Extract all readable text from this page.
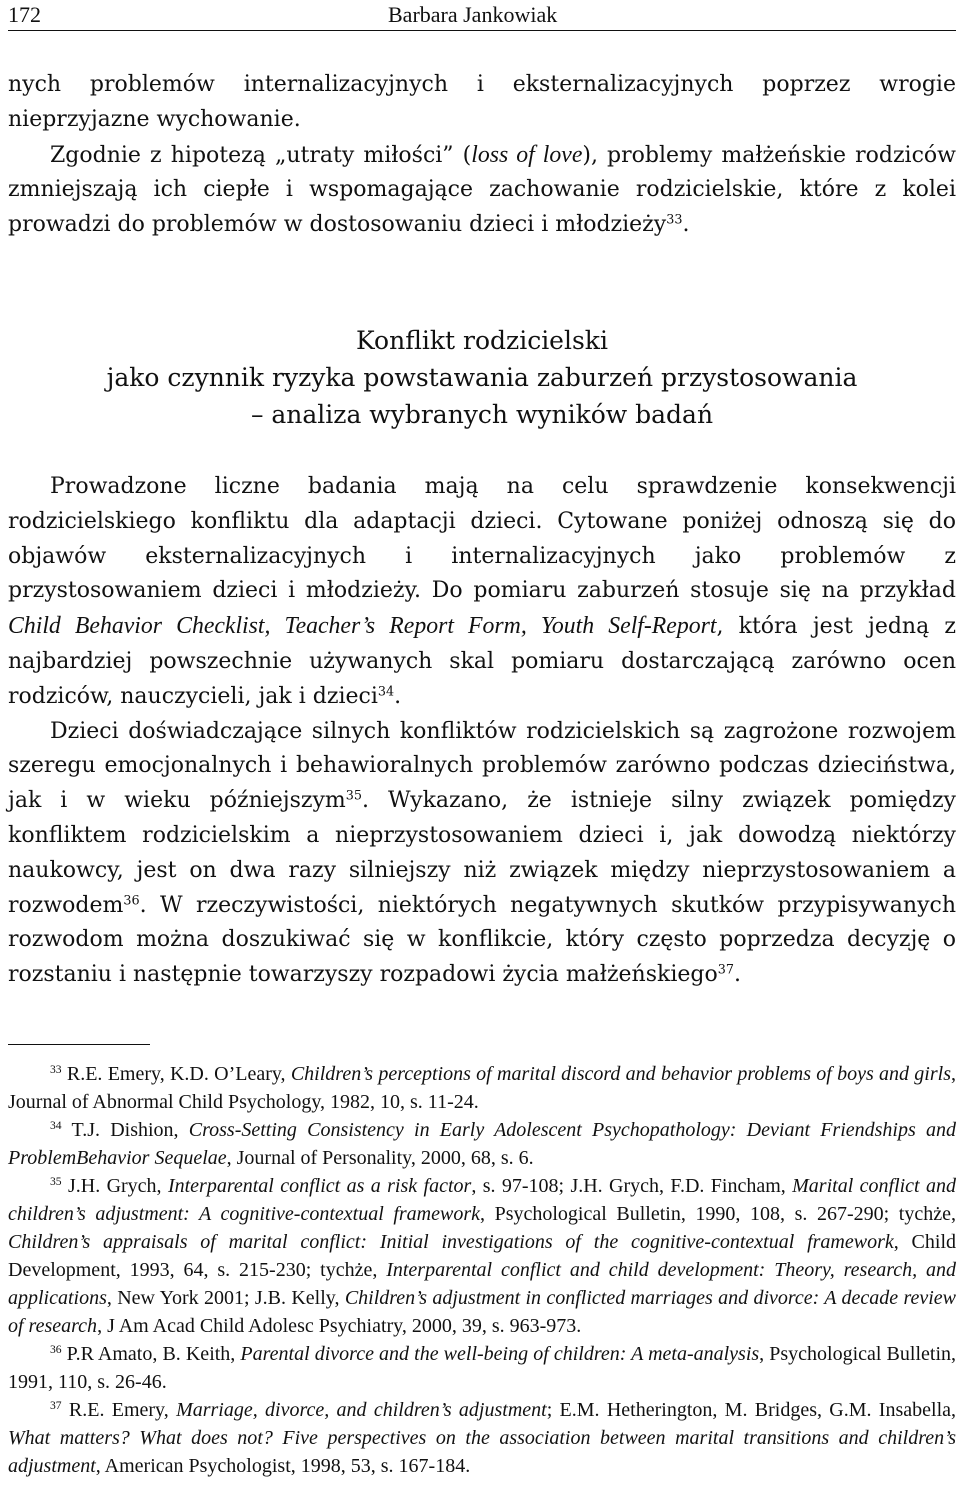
172	Barbara Jankowiak

nych problemów internalizacyjnych i eksternalizacyjnych poprzez wrogie nieprzyjazne wychowanie.

Zgodnie z hipotezą „utraty miłości” (loss of love), problemy małżeńskie rodziców zmniejszają ich ciepłe i wspomagające zachowanie rodzicielskie, które z kolei prowadzi do problemów w dostosowaniu dzieci i młodzieży$^{33}$.

Konflikt rodzicielski
jako czynnik ryzyka powstawania zaburzeń przystosowania
– analiza wybranych wyników badań

Prowadzone liczne badania mają na celu sprawdzenie konsekwencji rodzicielskiego konfliktu dla adaptacji dzieci. Cytowane poniżej odnoszą się do objawów eksternalizacyjnych i internalizacyjnych jako problemów z przystosowaniem dzieci i młodzieży. Do pomiaru zaburzeń stosuje się na przykład Child Behavior Checklist, Teacher’s Report Form, Youth Self-Report, która jest jedną z najbardziej powszechnie używanych skal pomiaru dostarczającą zarówno ocen rodziców, nauczycieli, jak i dzieci$^{34}$.

Dzieci doświadczające silnych konfliktów rodzicielskich są zagrożone rozwojem szeregu emocjonalnych i behawioralnych problemów zarówno podczas dzieciństwa, jak i w wieku późniejszym$^{35}$. Wykazano, że istnieje silny związek pomiędzy konfliktem rodzicielskim a nieprzystosowaniem dzieci i, jak dowodzą niektórzy naukowcy, jest on dwa razy silniejszy niż związek między nieprzystosowaniem a rozwodem$^{36}$. W rzeczywistości, niektórych negatywnych skutków przypisywanych rozwodom można doszukiwać się w konflikcie, który często poprzedza decyzję o rozstaniu i następnie towarzyszy rozpadowi życia małżeńskiego$^{37}$.

$^{33}$ R.E. Emery, K.D. O’Leary, Children’s perceptions of marital discord and behavior problems of boys and girls, Journal of Abnormal Child Psychology, 1982, 10, s. 11-24.

$^{34}$ T.J. Dishion, Cross-Setting Consistency in Early Adolescent Psychopathology: Deviant Friendships and ProblemBehavior Sequelae, Journal of Personality, 2000, 68, s. 6.

$^{35}$ J.H. Grych, Interparental conflict as a risk factor, s. 97-108; J.H. Grych, F.D. Fincham, Marital conflict and children’s adjustment: A cognitive-contextual framework, Psychological Bulletin, 1990, 108, s. 267-290; tychże, Children’s appraisals of marital conflict: Initial investigations of the cognitive-contextual framework, Child Development, 1993, 64, s. 215-230; tychże, Interparental conflict and child development: Theory, research, and applications, New York 2001; J.B. Kelly, Children’s adjustment in conflicted marriages and divorce: A decade review of research, J Am Acad Child Adolesc Psychiatry, 2000, 39, s. 963-973.

$^{36}$ P.R Amato, B. Keith, Parental divorce and the well-being of children: A meta-analysis, Psychological Bulletin, 1991, 110, s. 26-46.

$^{37}$ R.E. Emery, Marriage, divorce, and children’s adjustment; E.M. Hetherington, M. Bridges, G.M. Insabella, What matters? What does not? Five perspectives on the association between marital transitions and children’s adjustment, American Psychologist, 1998, 53, s. 167-184.
